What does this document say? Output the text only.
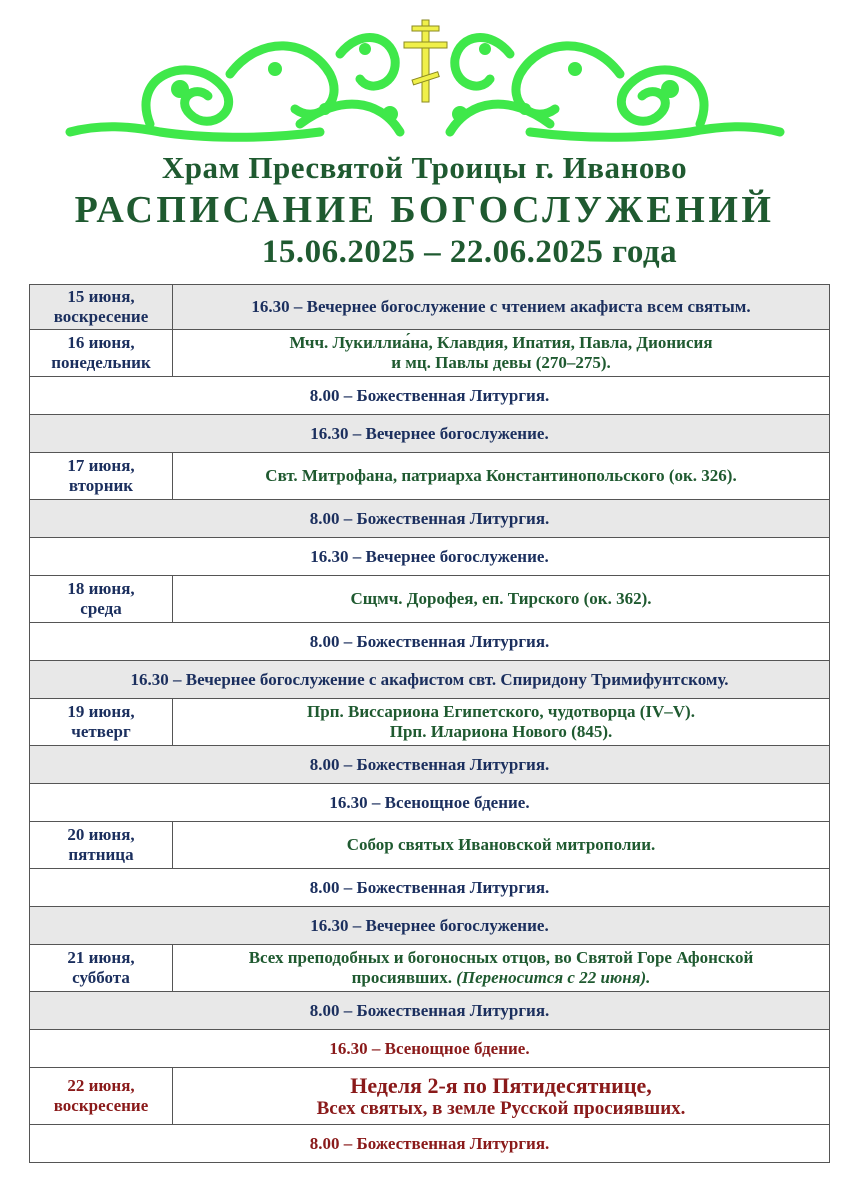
Храм Пресвятой Троицы г. Иваново
РАСПИСАНИЕ БОГОСЛУЖЕНИЙ
15.06.2025 – 22.06.2025 года
15 июня,
воскресение	16.30 – Вечернее богослужение с чтением акафиста всем святым.

16 июня,
понедельник	Мчч. Лукиллиа́на, Клавдия, Ипатия, Павла, Дионисия
и мц. Павлы девы (270–275).

8.00 – Божественная Литургия.	
16.30 – Вечернее богослужение.	

17 июня,
вторник	Свт. Митрофана, патриарха Константинопольского (ок. 326).
8.00 – Божественная Литургия.	
16.30 – Вечернее богослужение.	

18 июня,
среда	Сщмч. Дорофея, еп. Тирского (ок. 362).
8.00 – Божественная Литургия.	
16.30 – Вечернее богослужение с акафистом свт. Спиридону Тримифунтскому.	

19 июня,
четверг	Прп. Виссариона Египетского, чудотворца (IV–V).
Прп. Илариона Нового (845).

8.00 – Божественная Литургия.	
16.30 – Всенощное бдение.	

20 июня,
пятница	Собор святых Ивановской митрополии.
8.00 – Божественная Литургия.	
16.30 – Вечернее богослужение.	

21 июня,
суббота	Всех преподобных и богоносных отцов, во Святой Горе Афонской
просиявших. (Переносится с 22 июня).

8.00 – Божественная Литургия.	
16.30 – Всенощное бдение.	

22 июня,
воскресение	Неделя 2-я по Пятидесятнице,
Всех святых, в земле Русской просиявших.

8.00 – Божественная Литургия.	
